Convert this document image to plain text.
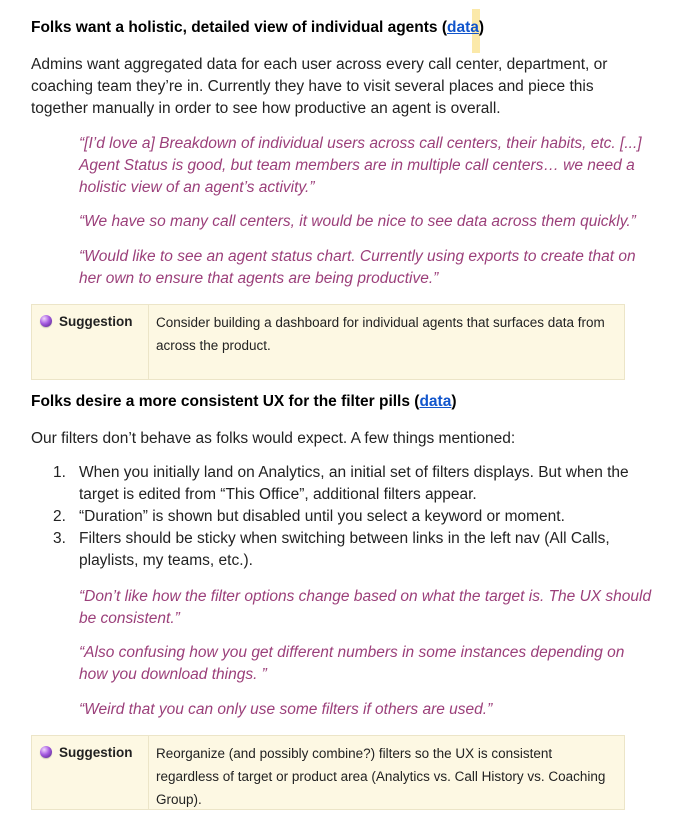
Folks want a holistic, detailed view of individual agents (data)
Admins want aggregated data for each user across every call center, department, or coaching team they’re in. Currently they have to visit several places and piece this together manually in order to see how productive an agent is overall.
“[I’d love a] Breakdown of individual users across call centers, their habits, etc. [...] Agent Status is good, but team members are in multiple call centers… we need a holistic view of an agent’s activity.”
“We have so many call centers, it would be nice to see data across them quickly.”
“Would like to see an agent status chart. Currently using exports to create that on her own to ensure that agents are being productive.”
Suggestion	Consider building a dashboard for individual agents that surfaces data from across the product.
Folks desire a more consistent UX for the filter pills (data)
Our filters don’t behave as folks would expect. A few things mentioned:
1. When you initially land on Analytics, an initial set of filters displays. But when the target is edited from “This Office”, additional filters appear.
2. “Duration” is shown but disabled until you select a keyword or moment.
3. Filters should be sticky when switching between links in the left nav (All Calls, playlists, my teams, etc.).
“Don’t like how the filter options change based on what the target is. The UX should be consistent.”
“Also confusing how you get different numbers in some instances depending on how you download things. ”
“Weird that you can only use some filters if others are used.”
Suggestion	Reorganize (and possibly combine?) filters so the UX is consistent regardless of target or product area (Analytics vs. Call History vs. Coaching Group).
